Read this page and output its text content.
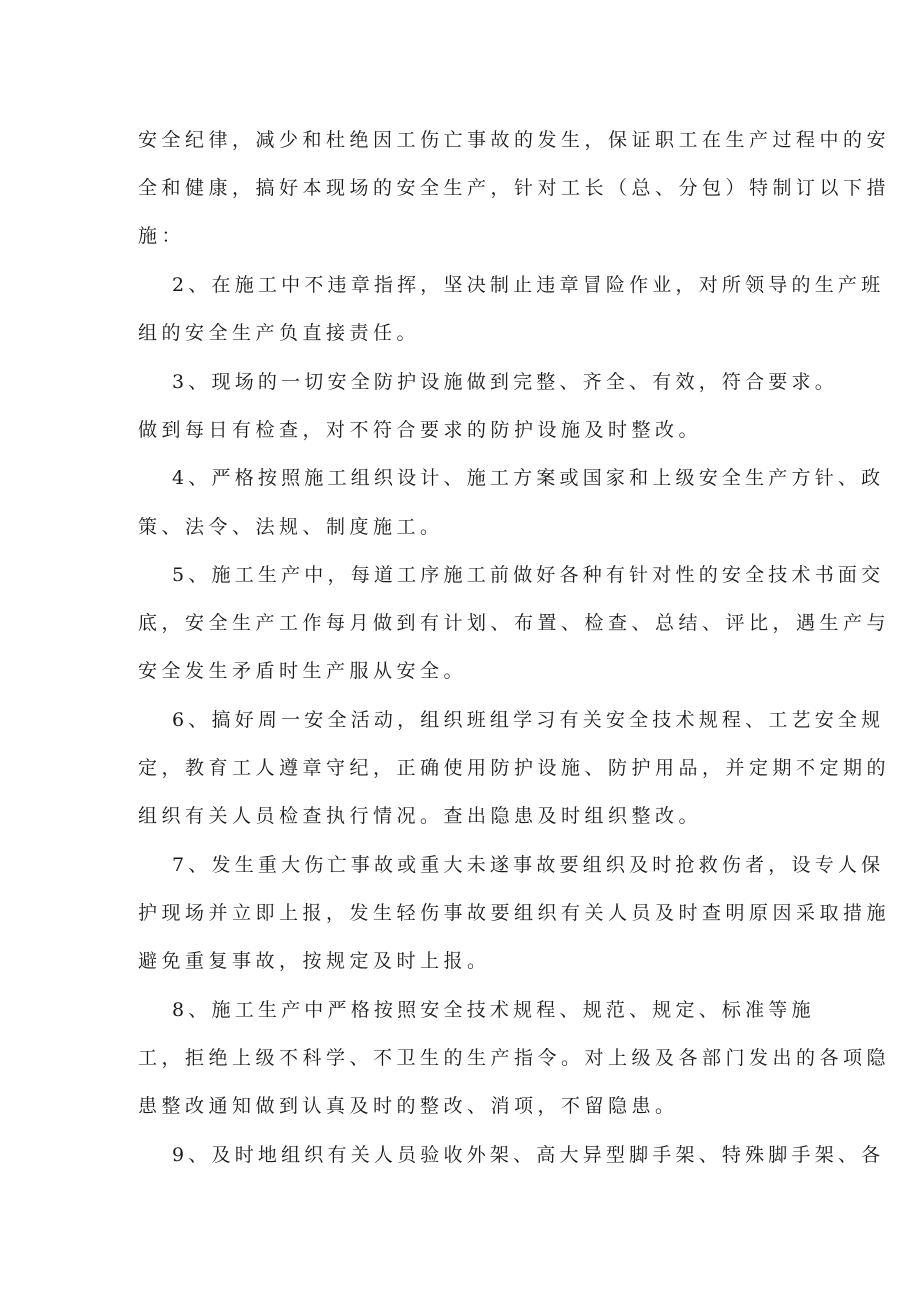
安全纪律，减少和杜绝因工伤亡事故的发生，保证职工在生产过程中的安
全和健康，搞好本现场的安全生产，针对工长（总、分包）特制订以下措
施：
2、在施工中不违章指挥，坚决制止违章冒险作业，对所领导的生产班
组的安全生产负直接责任。
3、现场的一切安全防护设施做到完整、齐全、有效，符合要求。
做到每日有检查，对不符合要求的防护设施及时整改。
4、严格按照施工组织设计、施工方案或国家和上级安全生产方针、政
策、法令、法规、制度施工。
5、施工生产中，每道工序施工前做好各种有针对性的安全技术书面交
底，安全生产工作每月做到有计划、布置、检查、总结、评比，遇生产与
安全发生矛盾时生产服从安全。
6、搞好周一安全活动，组织班组学习有关安全技术规程、工艺安全规
定，教育工人遵章守纪，正确使用防护设施、防护用品，并定期不定期的
组织有关人员检查执行情况。查出隐患及时组织整改。
7、发生重大伤亡事故或重大未遂事故要组织及时抢救伤者，设专人保
护现场并立即上报，发生轻伤事故要组织有关人员及时查明原因采取措施
避免重复事故，按规定及时上报。
8、施工生产中严格按照安全技术规程、规范、规定、标准等施
工，拒绝上级不科学、不卫生的生产指令。对上级及各部门发出的各项隐
患整改通知做到认真及时的整改、消项，不留隐患。
9、及时地组织有关人员验收外架、高大异型脚手架、特殊脚手架、各
